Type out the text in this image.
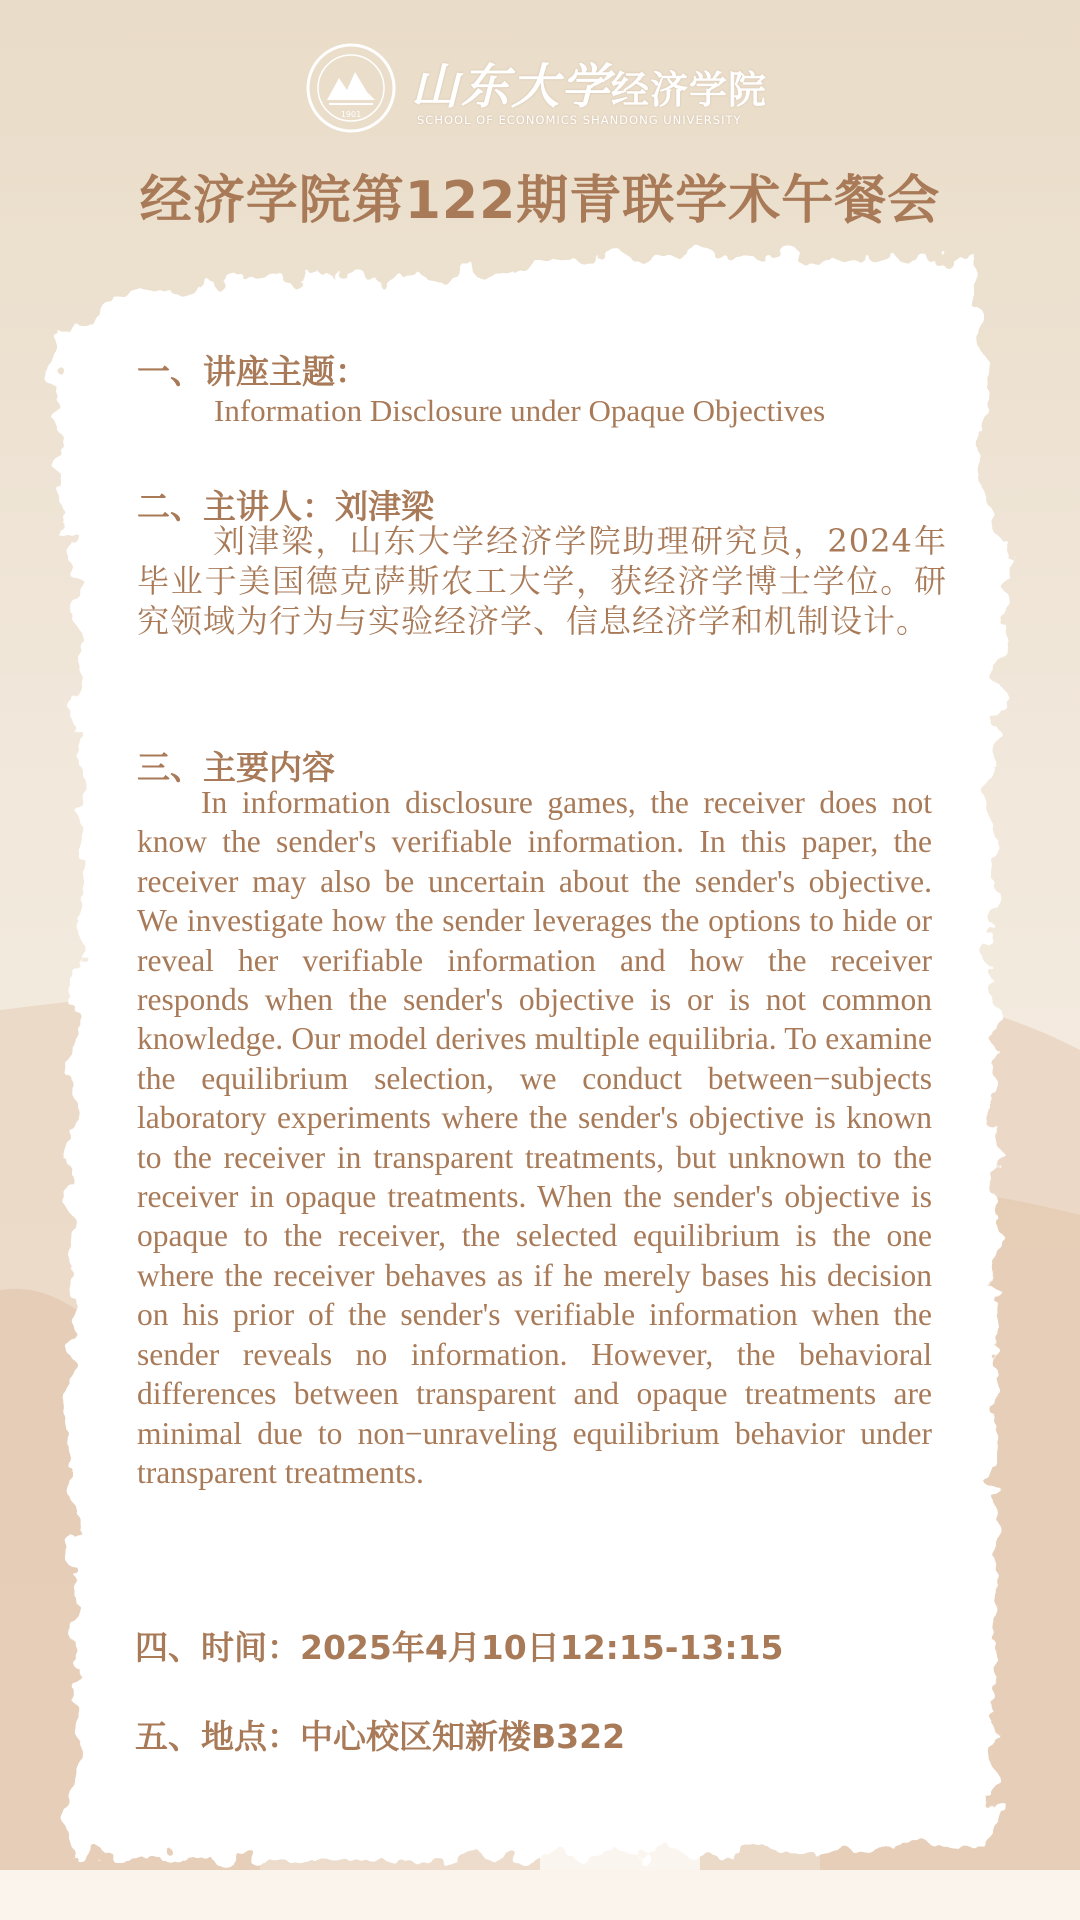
1901 山东大学经济学院
SCHOOL OF ECONOMICS SHANDONG UNIVERSITY
经济学院第122期青联学术午餐会
一、讲座主题：
Information Disclosure under Opaque Objectives
二、主讲人：刘津梁
刘津梁，山东大学经济学院助理研究员，2024年毕业于美国德克萨斯农工大学，获经济学博士学位。研究领域为行为与实验经济学、信息经济学和机制设计。
三、主要内容
In information disclosure games, the receiver does not know the sender's verifiable information. In this paper, the receiver may also be uncertain about the sender's objective. We investigate how the sender leverages the options to hide or reveal her verifiable information and how the receiver responds when the sender's objective is or is not common knowledge. Our model derives multiple equilibria. To examine the equilibrium selection, we conduct between−subjects laboratory experiments where the sender's objective is known to the receiver in transparent treatments, but unknown to the receiver in opaque treatments. When the sender's objective is opaque to the receiver, the selected equilibrium is the one where the receiver behaves as if he merely bases his decision on his prior of the sender's verifiable information when the sender reveals no information. However, the behavioral differences between transparent and opaque treatments are minimal due to non−unraveling equilibrium behavior under transparent treatments.
四、时间：2025年4月10日12:15-13:15
五、地点：中心校区知新楼B322
